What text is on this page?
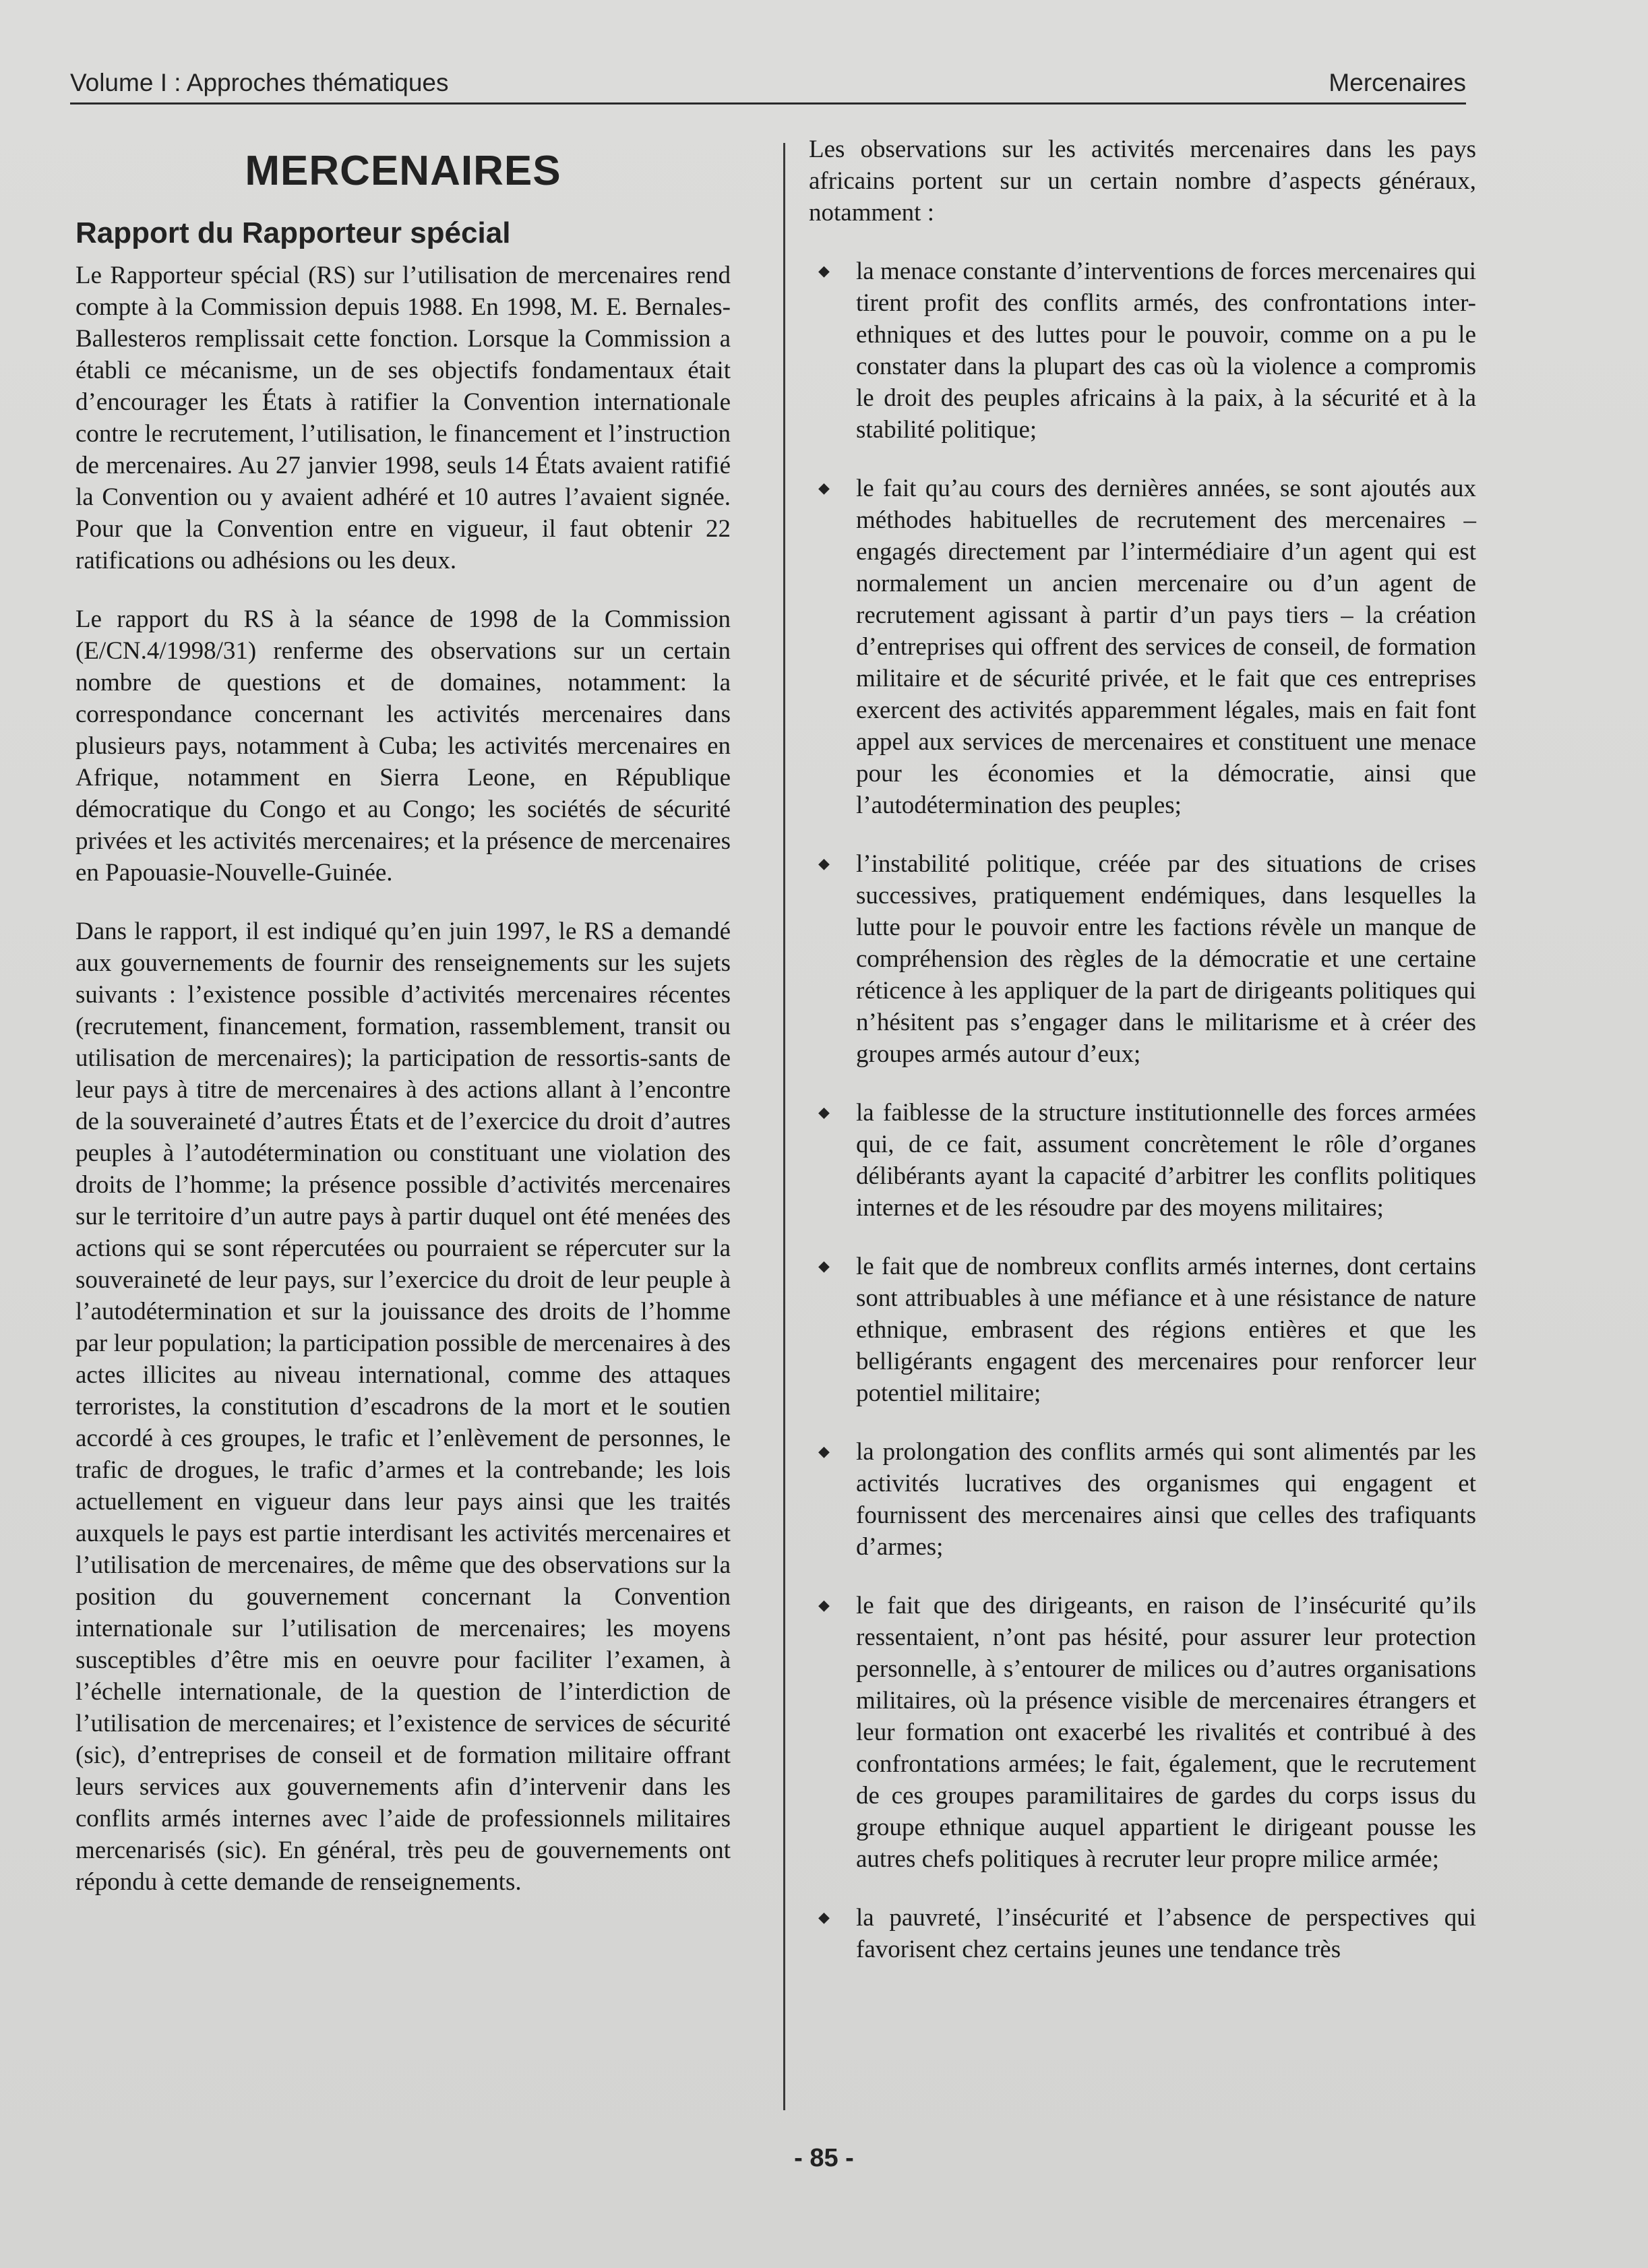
Volume I : Approches thématiques	Mercenaires
MERCENAIRES
Rapport du Rapporteur spécial

Le Rapporteur spécial (RS) sur l’utilisation de mercenaires rend compte à la Commission depuis 1988. En 1998, M. E. Bernales-Ballesteros remplissait cette fonction. Lorsque la Commission a établi ce mécanisme, un de ses objectifs fondamentaux était d’encourager les États à ratifier la Convention internationale contre le recrutement, l’utilisation, le financement et l’instruction de mercenaires. Au 27 janvier 1998, seuls 14 États avaient ratifié la Convention ou y avaient adhéré et 10 autres l’avaient signée. Pour que la Convention entre en vigueur, il faut obtenir 22 ratifications ou adhésions ou les deux.

Le rapport du RS à la séance de 1998 de la Commission (E/CN.4/1998/31) renferme des observations sur un certain nombre de questions et de domaines, notamment: la correspondance concernant les activités mercenaires dans plusieurs pays, notamment à Cuba; les activités mercenaires en Afrique, notamment en Sierra Leone, en République démocratique du Congo et au Congo; les sociétés de sécurité privées et les activités mercenaires; et la présence de mercenaires en Papouasie-Nouvelle-Guinée.

Dans le rapport, il est indiqué qu’en juin 1997, le RS a demandé aux gouvernements de fournir des renseignements sur les sujets suivants : l’existence possible d’activités mercenaires récentes (recrutement, financement, formation, rassemblement, transit ou utilisation de mercenaires); la participation de ressortis-sants de leur pays à titre de mercenaires à des actions allant à l’encontre de la souveraineté d’autres États et de l’exercice du droit d’autres peuples à l’autodétermination ou constituant une violation des droits de l’homme; la présence possible d’activités mercenaires sur le territoire d’un autre pays à partir duquel ont été menées des actions qui se sont répercutées ou pourraient se répercuter sur la souveraineté de leur pays, sur l’exercice du droit de leur peuple à l’autodétermination et sur la jouissance des droits de l’homme par leur population; la participation possible de mercenaires à des actes illicites au niveau international, comme des attaques terroristes, la constitution d’escadrons de la mort et le soutien accordé à ces groupes, le trafic et l’enlèvement de personnes, le trafic de drogues, le trafic d’armes et la contrebande; les lois actuellement en vigueur dans leur pays ainsi que les traités auxquels le pays est partie interdisant les activités mercenaires et l’utilisation de mercenaires, de même que des observations sur la position du gouvernement concernant la Convention internationale sur l’utilisation de mercenaires; les moyens susceptibles d’être mis en oeuvre pour faciliter l’examen, à l’échelle internationale, de la question de l’interdiction de l’utilisation de mercenaires; et l’existence de services de sécurité (sic), d’entreprises de conseil et de formation militaire offrant leurs services aux gouvernements afin d’intervenir dans les conflits armés internes avec l’aide de professionnels militaires mercenarisés (sic). En général, très peu de gouvernements ont répondu à cette demande de renseignements.

Les observations sur les activités mercenaires dans les pays africains portent sur un certain nombre d’aspects généraux, notamment :

◆ la menace constante d’interventions de forces mercenaires qui tirent profit des conflits armés, des confrontations inter-ethniques et des luttes pour le pouvoir, comme on a pu le constater dans la plupart des cas où la violence a compromis le droit des peuples africains à la paix, à la sécurité et à la stabilité politique;
◆ le fait qu’au cours des dernières années, se sont ajoutés aux méthodes habituelles de recrutement des mercenaires – engagés directement par l’intermédiaire d’un agent qui est normalement un ancien mercenaire ou d’un agent de recrutement agissant à partir d’un pays tiers – la création d’entreprises qui offrent des services de conseil, de formation militaire et de sécurité privée, et le fait que ces entreprises exercent des activités apparemment légales, mais en fait font appel aux services de mercenaires et constituent une menace pour les économies et la démocratie, ainsi que l’autodétermination des peuples;
◆ l’instabilité politique, créée par des situations de crises successives, pratiquement endémiques, dans lesquelles la lutte pour le pouvoir entre les factions révèle un manque de compréhension des règles de la démocratie et une certaine réticence à les appliquer de la part de dirigeants politiques qui n’hésitent pas s’engager dans le militarisme et à créer des groupes armés autour d’eux;
◆ la faiblesse de la structure institutionnelle des forces armées qui, de ce fait, assument concrètement le rôle d’organes délibérants ayant la capacité d’arbitrer les conflits politiques internes et de les résoudre par des moyens militaires;
◆ le fait que de nombreux conflits armés internes, dont certains sont attribuables à une méfiance et à une résistance de nature ethnique, embrasent des régions entières et que les belligérants engagent des mercenaires pour renforcer leur potentiel militaire;
◆ la prolongation des conflits armés qui sont alimentés par les activités lucratives des organismes qui engagent et fournissent des mercenaires ainsi que celles des trafiquants d’armes;
◆ le fait que des dirigeants, en raison de l’insécurité qu’ils ressentaient, n’ont pas hésité, pour assurer leur protection personnelle, à s’entourer de milices ou d’autres organisations militaires, où la présence visible de mercenaires étrangers et leur formation ont exacerbé les rivalités et contribué à des confrontations armées; le fait, également, que le recrutement de ces groupes paramilitaires de gardes du corps issus du groupe ethnique auquel appartient le dirigeant pousse les autres chefs politiques à recruter leur propre milice armée;
◆ la pauvreté, l’insécurité et l’absence de perspectives qui favorisent chez certains jeunes une tendance très
- 85 -
